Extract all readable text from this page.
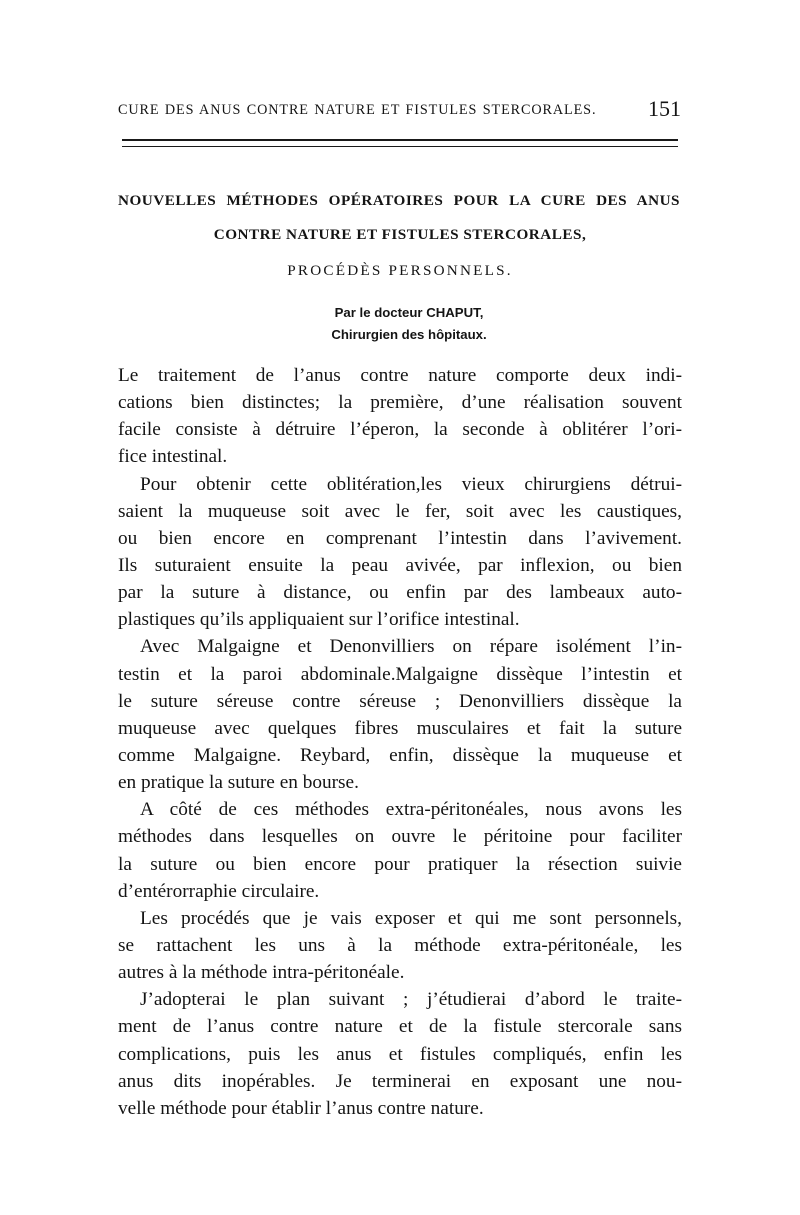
CURE DES ANUS CONTRE NATURE ET FISTULES STERCORALES. 151
NOUVELLES MÉTHODES OPÉRATOIRES POUR LA CURE DES ANUS
CONTRE NATURE ET FISTULES STERCORALES,
PROCÉDÈS PERSONNELS.
Par le docteur CHAPUT,
Chirurgien des hôpitaux.
Le traitement de l’anus contre nature comporte deux indi-
cations bien distinctes; la première, d’une réalisation souvent
facile consiste à détruire l’éperon, la seconde à oblitérer l’ori-
fice intestinal.
Pour obtenir cette oblitération,les vieux chirurgiens détrui-
saient la muqueuse soit avec le fer, soit avec les caustiques,
ou bien encore en comprenant l’intestin dans l’avivement.
Ils suturaient ensuite la peau avivée, par inflexion, ou bien
par la suture à distance, ou enfin par des lambeaux auto-
plastiques qu’ils appliquaient sur l’orifice intestinal.
Avec Malgaigne et Denonvilliers on répare isolément l’in-
testin et la paroi abdominale.Malgaigne dissèque l’intestin et
le suture séreuse contre séreuse ; Denonvilliers dissèque la
muqueuse avec quelques fibres musculaires et fait la suture
comme Malgaigne. Reybard, enfin, dissèque la muqueuse et
en pratique la suture en bourse.
A côté de ces méthodes extra-péritonéales, nous avons les
méthodes dans lesquelles on ouvre le péritoine pour faciliter
la suture ou bien encore pour pratiquer la résection suivie
d’entérorraphie circulaire.
Les procédés que je vais exposer et qui me sont personnels,
se rattachent les uns à la méthode extra-péritonéale, les
autres à la méthode intra-péritonéale.
J’adopterai le plan suivant ; j’étudierai d’abord le traite-
ment de l’anus contre nature et de la fistule stercorale sans
complications, puis les anus et fistules compliqués, enfin les
anus dits inopérables. Je terminerai en exposant une nou-
velle méthode pour établir l’anus contre nature.
